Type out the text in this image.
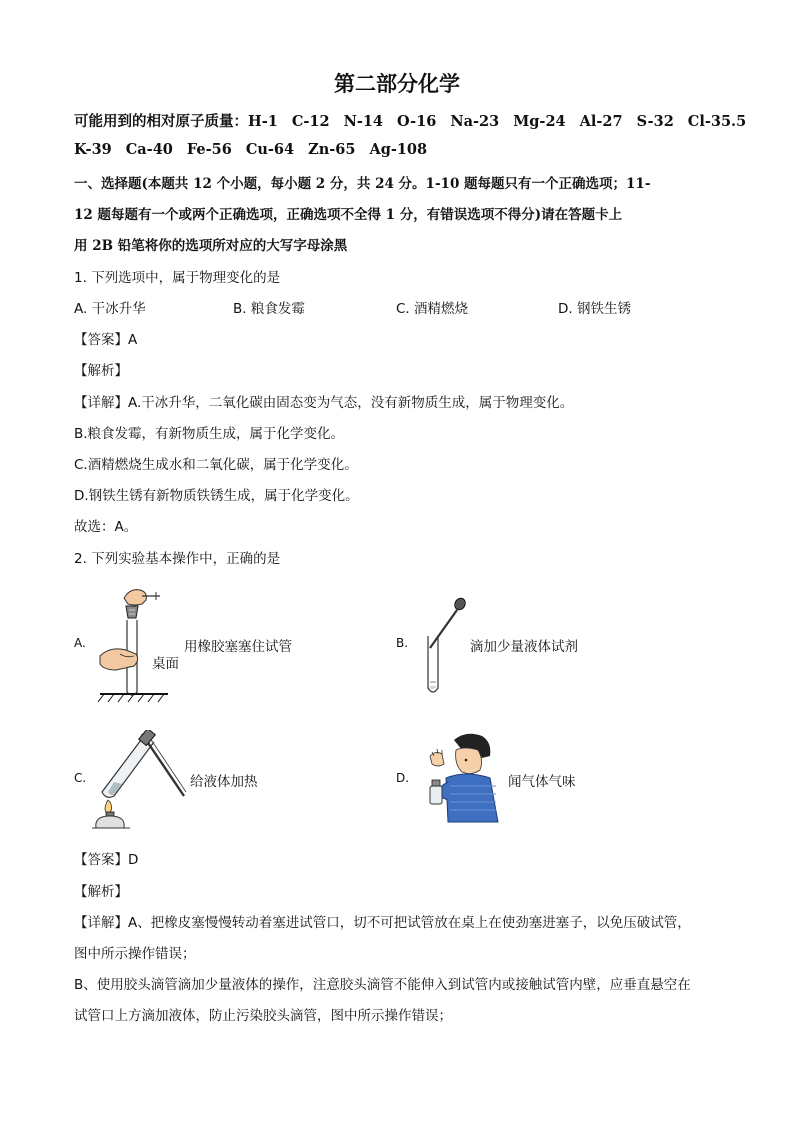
第二部分化学
可能用到的相对原子质量：H-1 C-12 N-14 O-16 Na-23 Mg-24 Al-27 S-32 Cl-35.5
K-39 Ca-40 Fe-56 Cu-64 Zn-65 Ag-108
一、选择题(本题共 12 个小题，每小题 2 分，共 24 分。1-10 题每题只有一个正确选项；11-
12 题每题有一个或两个正确选项，正确选项不全得 1 分，有错误选项不得分)请在答题卡上
用 2B 铅笔将你的选项所对应的大写字母涂黑
1. 下列选项中，属于物理变化的是
A. 干冰升华	B. 粮食发霉	C. 酒精燃烧	D. 钢铁生锈
【答案】A
【解析】
【详解】A.干冰升华，二氧化碳由固态变为气态，没有新物质生成，属于物理变化。
B.粮食发霉，有新物质生成，属于化学变化。
C.酒精燃烧生成水和二氧化碳，属于化学变化。
D.钢铁生锈有新物质铁锈生成，属于化学变化。
故选：A。
2. 下列实验基本操作中，正确的是
A.	用橡胶塞塞住试管
桌面
B.	滴加少量液体试剂
C.	给液体加热	D.	闻气体气味
【答案】D
【解析】
【详解】A、把橡皮塞慢慢转动着塞进试管口，切不可把试管放在桌上在使劲塞进塞子，以免压破试管，
图中所示操作错误；
B、使用胶头滴管滴加少量液体的操作，注意胶头滴管不能伸入到试管内或接触试管内壁，应垂直悬空在
试管口上方滴加液体，防止污染胶头滴管，图中所示操作错误；
